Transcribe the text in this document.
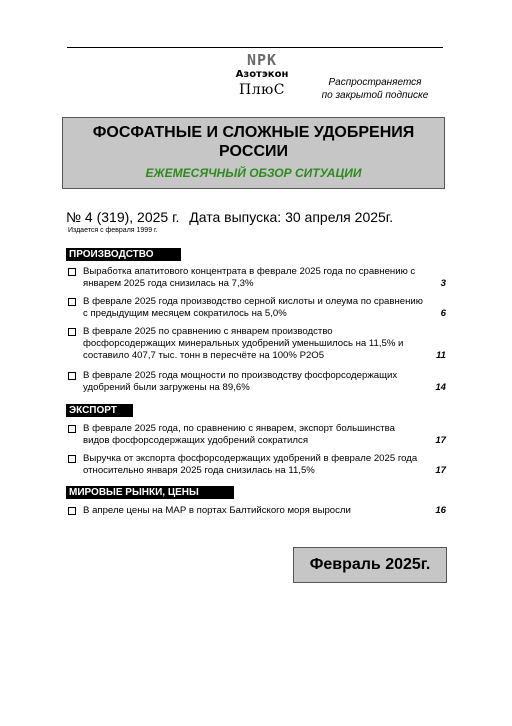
NPK
Азотэкон
ПлюС	Распространяется
по закрытой подписке
ФОСФАТНЫЕ И СЛОЖНЫЕ УДОБРЕНИЯ
РОССИИ
ЕЖЕМЕСЯЧНЫЙ ОБЗОР СИТУАЦИИ
№ 4 (319), 2025 г. Дата выпуска: 30 апреля 2025г.
Издается с февраля 1999 г.
ПРОИЗВОДСТВО
Выработка апатитового концентрата в феврале 2025 года по сравнению с январем 2025 года снизилась на 7,3%	3
В феврале 2025 года производство серной кислоты и олеума по сравнению с предыдущим месяцем сократилось на 5,0%	6
В феврале 2025 по сравнению с январем производство фосфорсодержащих минеральных удобрений уменьшилось на 11,5% и составило 407,7 тыс. тонн в пересчёте на 100% P2O5	11
В феврале 2025 года мощности по производству фосфорсодержащих удобрений были загружены на 89,6%	14
ЭКСПОРТ
В феврале 2025 года, по сравнению с январем, экспорт большинства видов фосфорсодержащих удобрений сократился	17
Выручка от экспорта фосфорсодержащих удобрений в феврале 2025 года относительно января 2025 года снизилась на 11,5%	17
МИРОВЫЕ РЫНКИ, ЦЕНЫ
В апреле цены на МАР в портах Балтийского моря выросли	16
Февраль 2025г.
